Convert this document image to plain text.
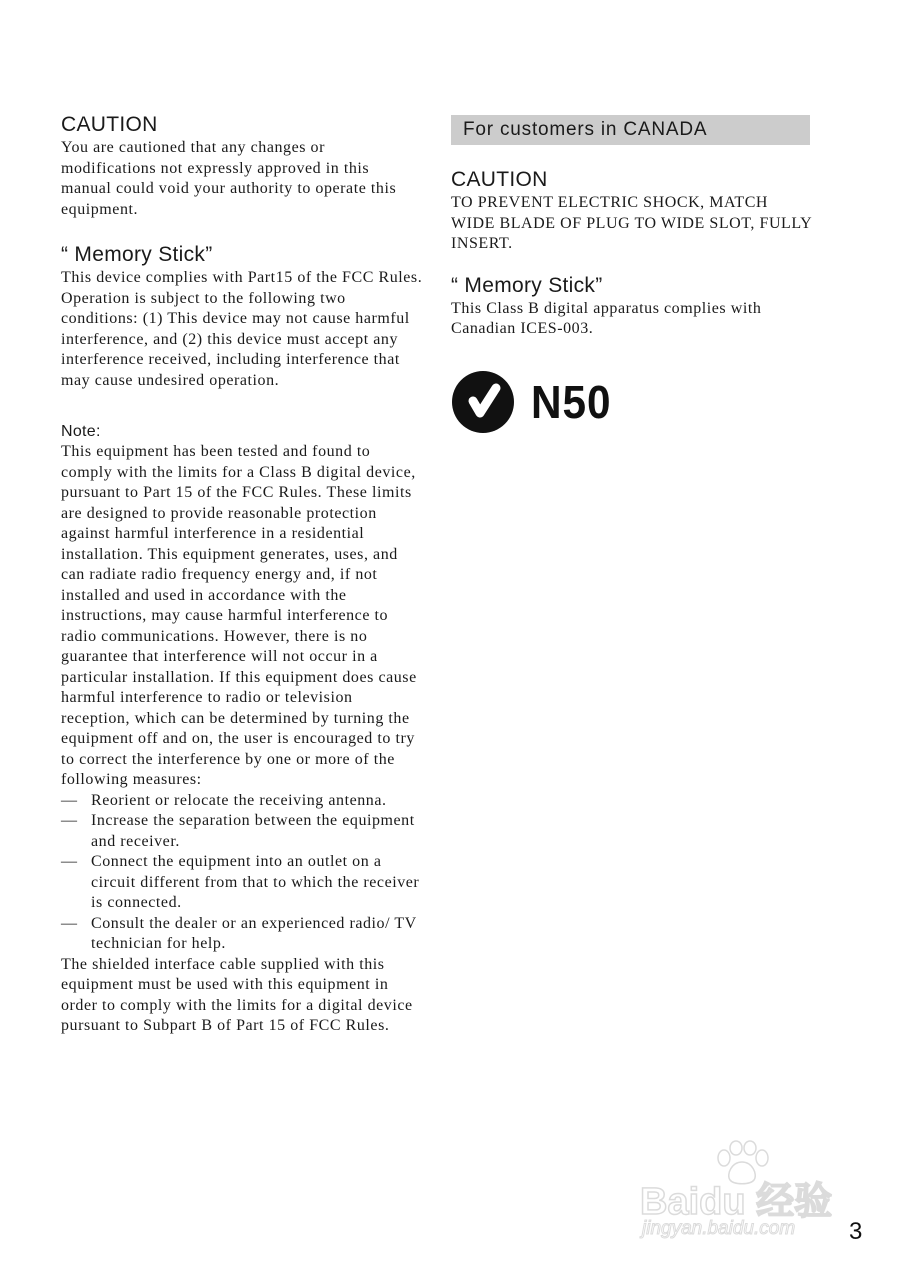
CAUTION

You are cautioned that any changes or modifications not expressly approved in this manual could void your authority to operate this equipment.

“ Memory Stick”

This device complies with Part15 of the FCC Rules. Operation is subject to the following two conditions: (1) This device may not cause harmful interference, and (2) this device must accept any interference received, including interference that may cause undesired operation.

Note:

This equipment has been tested and found to comply with the limits for a Class B digital device, pursuant to Part 15 of the FCC Rules. These limits are designed to provide reasonable protection against harmful interference in a residential installation. This equipment generates, uses, and can radiate radio frequency energy and, if not installed and used in accordance with the instructions, may cause harmful interference to radio communications. However, there is no guarantee that interference will not occur in a particular installation. If this equipment does cause harmful interference to radio or television reception, which can be determined by turning the equipment off and on, the user is encouraged to try to correct the interference by one or more of the following measures:

— Reorient or relocate the receiving antenna.
— Increase the separation between the equipment and receiver.
— Connect the equipment into an outlet on a circuit different from that to which the receiver is connected.
— Consult the dealer or an experienced radio/ TV technician for help.

The shielded interface cable supplied with this equipment must be used with this equipment in order to comply with the limits for a digital device pursuant to Subpart B of Part 15 of FCC Rules.

For customers in CANADA
CAUTION

TO PREVENT ELECTRIC SHOCK, MATCH WIDE BLADE OF PLUG TO WIDE SLOT, FULLY INSERT.

“ Memory Stick”

This Class B digital apparatus complies with Canadian ICES-003.

N50
Baidu 经验
jingyan.baidu.com 3
